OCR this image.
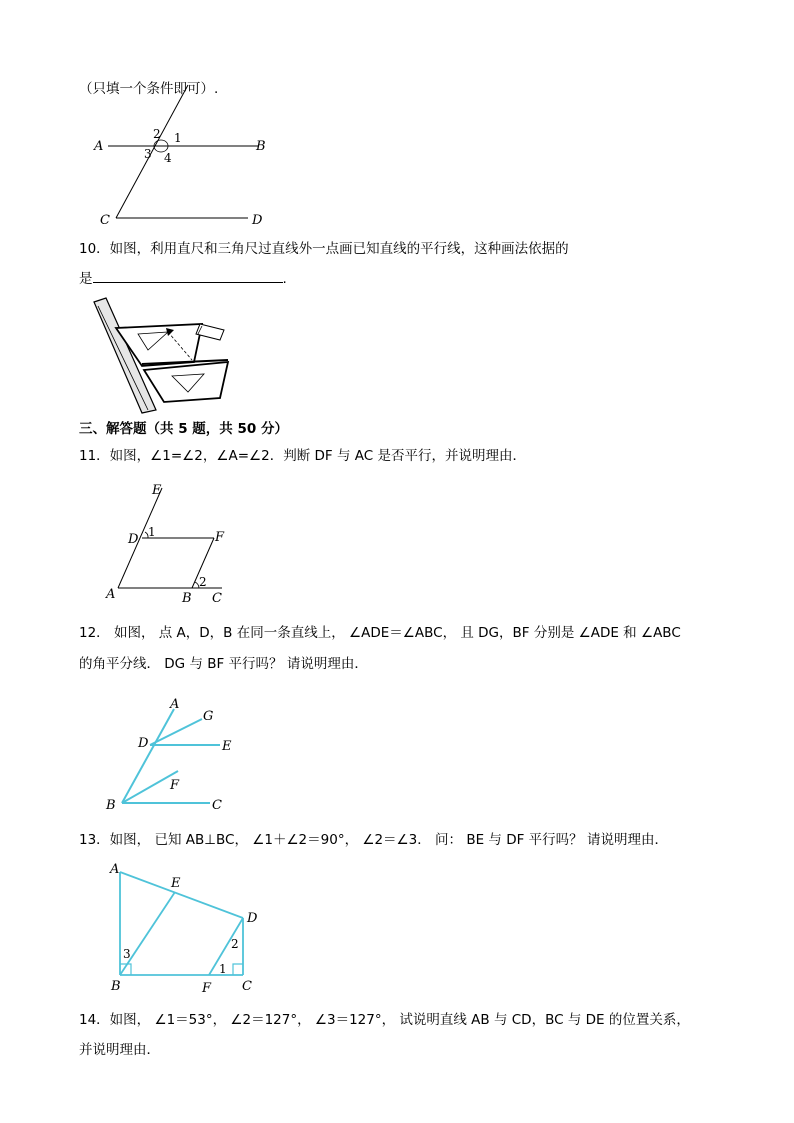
（只填一个条件即可）.
A	B
C	D
2 1
3 4
10．如图，利用直尺和三角尺过直线外一点画已知直线的平行线，这种画法依据的
是	.
三、解答题（共 5 题，共 50 分）
11．如图，∠1=∠2，∠A=∠2．判断 DF 与 AC 是否平行，并说明理由．
E
D 1	F
2
A	B C
12． 如图， 点 A，D，B 在同一条直线上， ∠ADE＝∠ABC， 且 DG，BF 分别是 ∠ADE 和 ∠ABC
的角平分线． DG 与 BF 平行吗？ 请说明理由．
A
G
D	E
F
B	C
13．如图， 已知 AB⊥BC， ∠1＋∠2＝90°， ∠2＝∠3． 问： BE 与 DF 平行吗？ 请说明理由．
A
E
D
2
3
1
B	F C
14．如图， ∠1＝53°， ∠2＝127°， ∠3＝127°， 试说明直线 AB 与 CD，BC 与 DE 的位置关系，
并说明理由．
